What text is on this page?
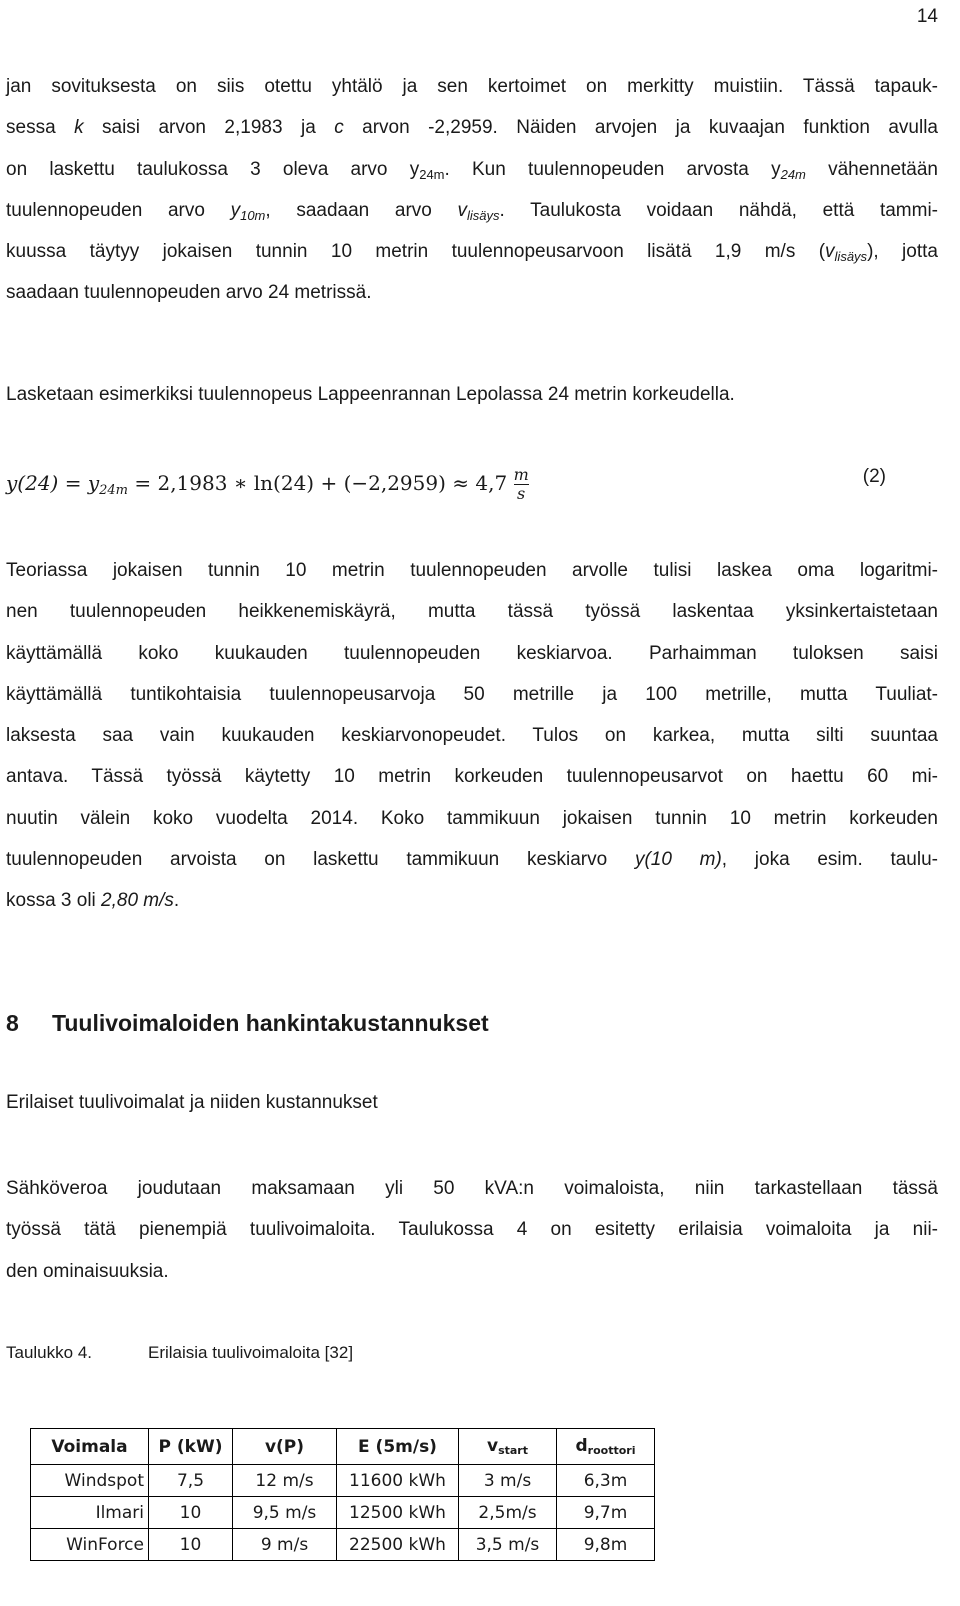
14
jan sovituksesta on siis otettu yhtälö ja sen kertoimet on merkitty muistiin. Tässä tapauk-
sessa k saisi arvon 2,1983 ja c arvon -2,2959. Näiden arvojen ja kuvaajan funktion avulla
on laskettu taulukossa 3 oleva arvo $y_{24m}$. Kun tuulennopeuden arvosta $y_{24m}$ vähennetään
tuulennopeuden arvo $y_{10m}$, saadaan arvo $v_{lisäys}$. Taulukosta voidaan nähdä, että tammi-
kuussa täytyy jokaisen tunnin 10 metrin tuulennopeusarvoon lisätä 1,9 m/s $(v_{lisäys})$, jotta
saadaan tuulennopeuden arvo 24 metrissä.
Lasketaan esimerkiksi tuulennopeus Lappeenrannan Lepolassa 24 metrin korkeudella.
$y(24) = y_{24m} = 2,1983$ ∗ $\ln(24) + (-2,2959) \approx 4,7 \frac{m}{s}$	(2)
Teoriassa jokaisen tunnin 10 metrin tuulennopeuden arvolle tulisi laskea oma logaritmi-
nen tuulennopeuden heikkenemiskäyrä, mutta tässä työssä laskentaa yksinkertaistetaan
käyttämällä koko kuukauden tuulennopeuden keskiarvoa. Parhaimman tuloksen saisi
käyttämällä tuntikohtaisia tuulennopeusarvoja 50 metrille ja 100 metrille, mutta Tuuliat-
laksesta saa vain kuukauden keskiarvonopeudet. Tulos on karkea, mutta silti suuntaa
antava. Tässä työssä käytetty 10 metrin korkeuden tuulennopeusarvot on haettu 60 mi-
nuutin välein koko vuodelta 2014. Koko tammikuun jokaisen tunnin 10 metrin korkeuden
tuulennopeuden arvoista on laskettu tammikuun keskiarvo y(10 m), joka esim. taulu-
kossa 3 oli 2,80 m/s.
8 Tuulivoimaloiden hankintakustannukset
Erilaiset tuulivoimalat ja niiden kustannukset
Sähköveroa joudutaan maksamaan yli 50 kVA:n voimaloista, niin tarkastellaan tässä
työssä tätä pienempiä tuulivoimaloita. Taulukossa 4 on esitetty erilaisia voimaloita ja nii-
den ominaisuuksia.
Taulukko 4.	Erilaisia tuulivoimaloita [32]
Voimala	P (kW)	v(P)	E (5m/s)	vstart	droottori
Windspot	7,5	12 m/s	11600 kWh	3 m/s	6,3m
Ilmari	10	9,5 m/s	12500 kWh	2,5m/s	9,7m
WinForce	10	9 m/s	22500 kWh	3,5 m/s	9,8m
